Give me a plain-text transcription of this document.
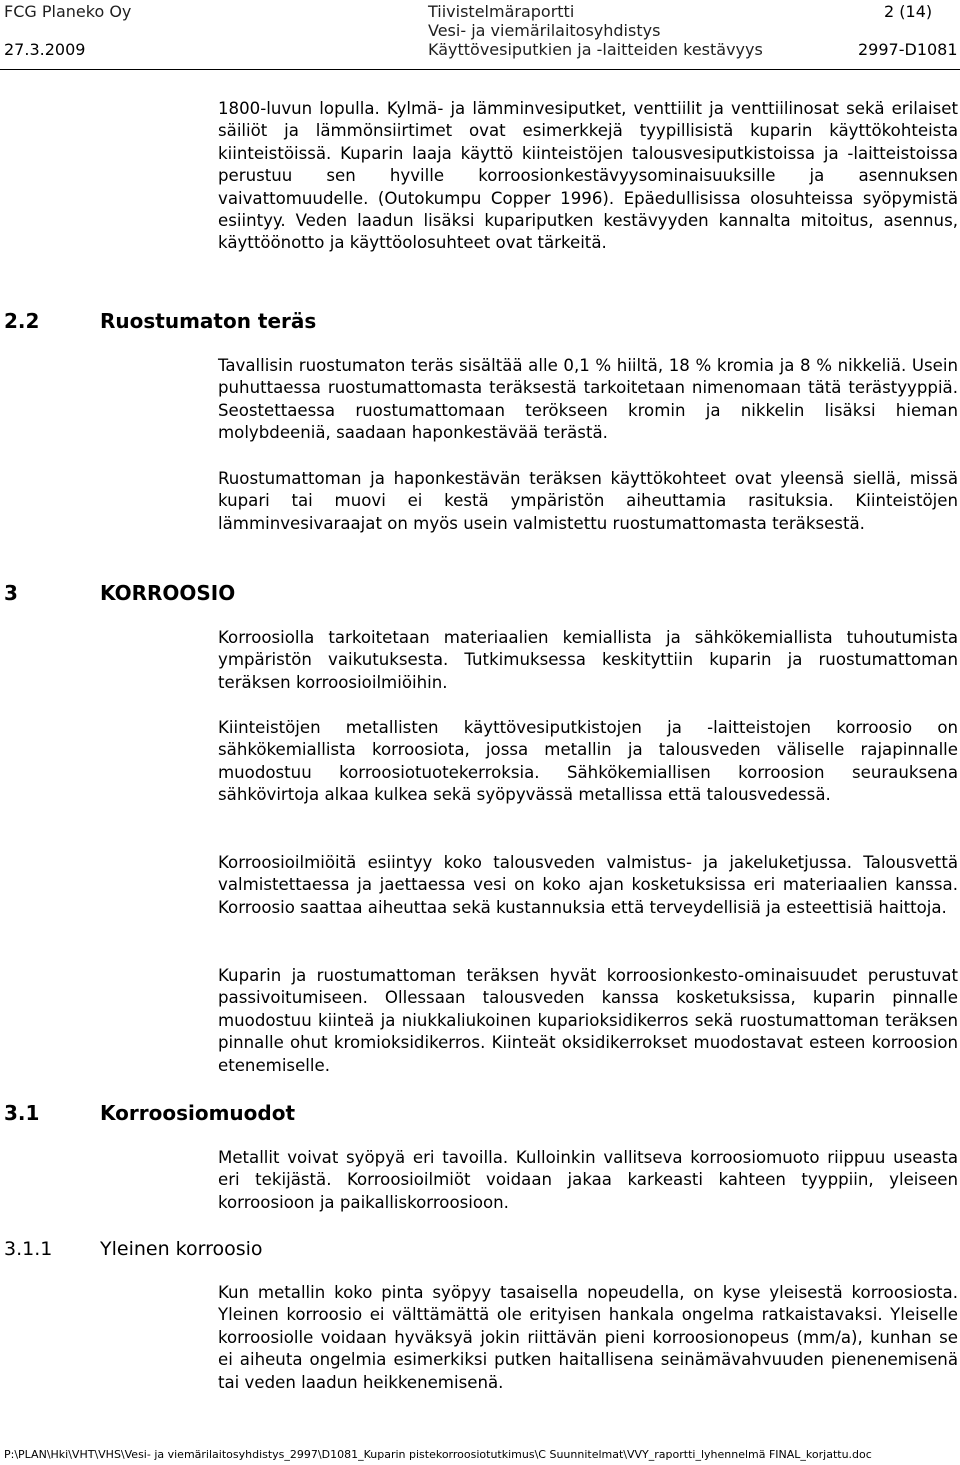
FCG Planeko Oy
27.3.2009
Tiivistelmäraportti
Vesi- ja viemärilaitosyhdistys
Käyttövesiputkien ja -laitteiden kestävyys
2 (14)
2997-D1081

1800-luvun lopulla. Kylmä- ja lämminvesiputket, venttiilit ja venttiilinosat sekä erilaiset säiliöt ja lämmönsiirtimet ovat esimerkkejä tyypillisistä kuparin käyttökohteista kiinteistöissä. Kuparin laaja käyttö kiinteistöjen talousvesiputkistoissa ja -laitteistoissa perustuu sen hyville korroosionkestävyysominaisuuksille ja asennuksen vaivattomuudelle. (Outokumpu Copper 1996). Epäedullisissa olosuhteissa syöpymistä esiintyy. Veden laadun lisäksi kupariputken kestävyyden kannalta mitoitus, asennus, käyttöönotto ja käyttöolosuhteet ovat tärkeitä.

2.2	Ruostumaton teräs

Tavallisin ruostumaton teräs sisältää alle 0,1 % hiiltä, 18 % kromia ja 8 % nikkeliä. Usein puhuttaessa ruostumattomasta teräksestä tarkoitetaan nimenomaan tätä terästyyppiä. Seostettaessa ruostumattomaan terökseen kromin ja nikkelin lisäksi hieman molybdeeniä, saadaan haponkestävää terästä.

Ruostumattoman ja haponkestävän teräksen käyttökohteet ovat yleensä siellä, missä kupari tai muovi ei kestä ympäristön aiheuttamia rasituksia. Kiinteistöjen lämminvesivaraajat on myös usein valmistettu ruostumattomasta teräksestä.

3	KORROOSIO

Korroosiolla tarkoitetaan materiaalien kemiallista ja sähkökemiallista tuhoutumista ympäristön vaikutuksesta. Tutkimuksessa keskityttiin kuparin ja ruostumattoman teräksen korroosioilmiöihin.

Kiinteistöjen metallisten käyttövesiputkistojen ja -laitteistojen korroosio on sähkökemiallista korroosiota, jossa metallin ja talousveden väliselle rajapinnalle muodostuu korroosiotuotekerroksia. Sähkökemiallisen korroosion seurauksena sähkövirtoja alkaa kulkea sekä syöpyvässä metallissa että talousvedessä.

Korroosioilmiöitä esiintyy koko talousveden valmistus- ja jakeluketjussa. Talousvettä valmistettaessa ja jaettaessa vesi on koko ajan kosketuksissa eri materiaalien kanssa. Korroosio saattaa aiheuttaa sekä kustannuksia että terveydellisiä ja esteettisiä haittoja.

Kuparin ja ruostumattoman teräksen hyvät korroosionkesto-ominaisuudet perustuvat passivoitumiseen. Ollessaan talousveden kanssa kosketuksissa, kuparin pinnalle muodostuu kiinteä ja niukkaliukoinen kuparioksidikerros sekä ruostumattoman teräksen pinnalle ohut kromioksidikerros. Kiinteät oksidikerrokset muodostavat esteen korroosion etenemiselle.

3.1	Korroosiomuodot

Metallit voivat syöpyä eri tavoilla. Kulloinkin vallitseva korroosiomuoto riippuu useasta eri tekijästä. Korroosioilmiöt voidaan jakaa karkeasti kahteen tyyppiin, yleiseen korroosioon ja paikalliskorroosioon.

3.1.1	Yleinen korroosio

Kun metallin koko pinta syöpyy tasaisella nopeudella, on kyse yleisestä korroosiosta. Yleinen korroosio ei välttämättä ole erityisen hankala ongelma ratkaistavaksi. Yleiselle korroosiolle voidaan hyväksyä jokin riittävän pieni korroosionopeus (mm/a), kunhan se ei aiheuta ongelmia esimerkiksi putken haitallisena seinämävahvuuden pienenemisenä tai veden laadun heikkenemisenä.

P:\PLAN\Hki\VHT\VHS\Vesi- ja viemärilaitosyhdistys_2997\D1081_Kuparin pistekorroosiotutkimus\C Suunnitelmat\VVY_raportti_lyhennelmä FINAL_korjattu.doc
